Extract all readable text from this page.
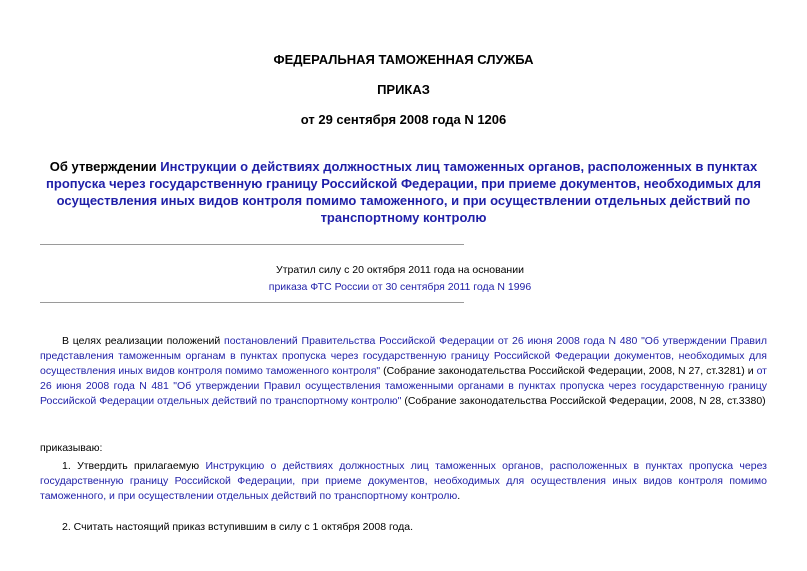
ФЕДЕРАЛЬНАЯ ТАМОЖЕННАЯ СЛУЖБА
ПРИКАЗ
от 29 сентября 2008 года N 1206
Об утверждении Инструкции о действиях должностных лиц таможенных органов, расположенных в пунктах пропуска через государственную границу Российской Федерации, при приеме документов, необходимых для осуществления иных видов контроля помимо таможенного, и при осуществлении отдельных действий по транспортному контролю
Утратил силу с 20 октября 2011 года на основании
приказа ФТС России от 30 сентября 2011 года N 1996
В целях реализации положений постановлений Правительства Российской Федерации от 26 июня 2008 года N 480 "Об утверждении Правил представления таможенным органам в пунктах пропуска через государственную границу Российской Федерации документов, необходимых для осуществления иных видов контроля помимо таможенного контроля" (Собрание законодательства Российской Федерации, 2008, N 27, ст.3281) и от 26 июня 2008 года N 481 "Об утверждении Правил осуществления таможенными органами в пунктах пропуска через государственную границу Российской Федерации отдельных действий по транспортному контролю" (Собрание законодательства Российской Федерации, 2008, N 28, ст.3380)
приказываю:
1. Утвердить прилагаемую Инструкцию о действиях должностных лиц таможенных органов, расположенных в пунктах пропуска через государственную границу Российской Федерации, при приеме документов, необходимых для осуществления иных видов контроля помимо таможенного, и при осуществлении отдельных действий по транспортному контролю.
2. Считать настоящий приказ вступившим в силу с 1 октября 2008 года.
